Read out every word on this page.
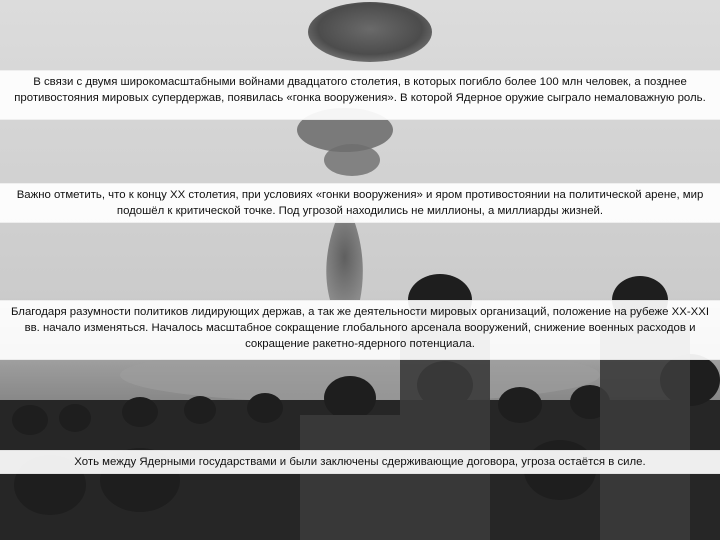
В связи с двумя широкомасштабными войнами двадцатого столетия, в которых погибло более 100 млн человек, а позднее противостояния мировых супердержав, появилась «гонка вооружения». В которой Ядерное оружие сыграло немаловажную роль.
Важно отметить, что к концу ХХ столетия, при условиях «гонки вооружения» и яром противостоянии на политической арене, мир подошёл к критической точке. Под угрозой находились не миллионы, а миллиарды жизней.
Благодаря разумности политиков лидирующих держав, а так же деятельности мировых организаций, положение на рубеже ХХ-ХХI вв. начало изменяться. Началось масштабное сокращение глобального арсенала вооружений, снижение военных расходов и сокращение ракетно-ядерного потенциала.
Хоть между Ядерными государствами и были заключены сдерживающие договора, угроза остаётся в силе.
